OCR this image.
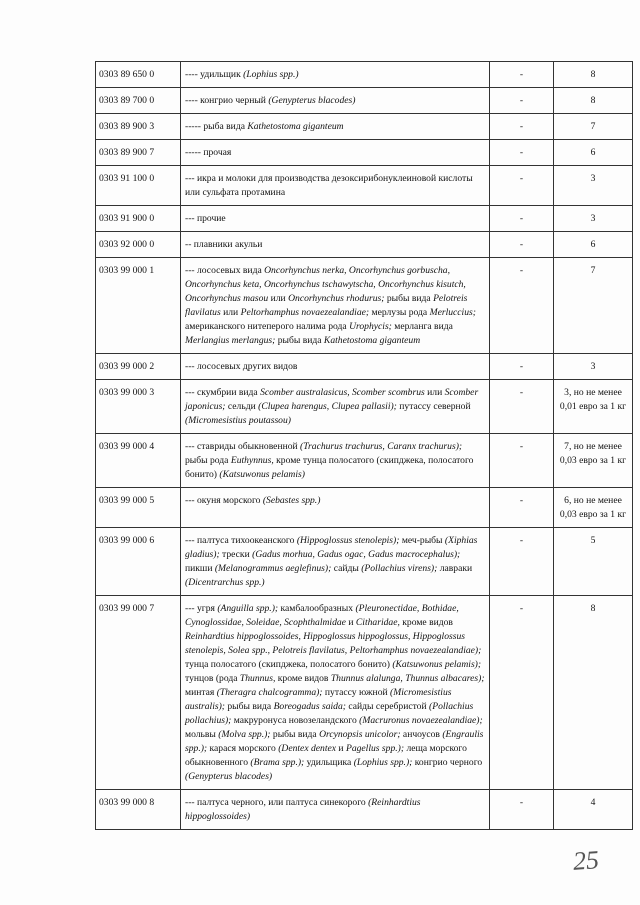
0303 89 650 0	---- удильщик (Lophius spp.)	-	8
0303 89 700 0	---- конгрио черный (Genypterus blacodes)	-	8
0303 89 900 3	----- рыба вида Kathetostoma giganteum	-	7
0303 89 900 7	----- прочая	-	6
0303 91 100 0	--- икра и молоки для производства дезоксирибонуклеиновой кислоты или сульфата протамина	-	3
0303 91 900 0	--- прочие	-	3
0303 92 000 0	-- плавники акульи	-	6
0303 99 000 1	--- лососевых вида Oncorhynchus nerka, Oncorhynchus gorbuscha, Oncorhynchus keta, Oncorhynchus tschawytscha, Oncorhynchus kisutch, Oncorhynchus masou или Oncorhynchus rhodurus; рыбы вида Pelotreis flavilatus или Peltorhamphus novaezealandiae; мерлузы рода Merluccius; американского нитеперого налима рода Urophycis; мерланга вида Merlangius merlangus; рыбы вида Kathetostoma giganteum	-	7
0303 99 000 2	--- лососевых других видов	-	3
0303 99 000 3	--- скумбрии вида Scomber australasicus, Scomber scombrus или Scomber japonicus; сельди (Clupea harengus, Clupea pallasii); путассу северной (Micromesistius poutassou)	-	3, но не менее 0,01 евро за 1 кг
0303 99 000 4	--- ставриды обыкновенной (Trachurus trachurus, Caranx trachurus); рыбы рода Euthynnus, кроме тунца полосатого (скипджека, полосатого бонито) (Katsuwonus pelamis)	-	7, но не менее 0,03 евро за 1 кг
0303 99 000 5	--- окуня морского (Sebastes spp.)	-	6, но не менее 0,03 евро за 1 кг
0303 99 000 6	--- палтуса тихоокеанского (Hippoglossus stenolepis); меч-рыбы (Xiphias gladius); трески (Gadus morhua, Gadus ogac, Gadus macrocephalus); пикши (Melanogrammus aeglefinus); сайды (Pollachius virens); лавраки (Dicentrarchus spp.)	-	5
0303 99 000 7	--- угря (Anguilla spp.); камбалообразных (Pleuronectidae, Bothidae, Cynoglossidae, Soleidae, Scophthalmidae и Citharidae, кроме видов Reinhardtius hippoglossoides, Hippoglossus hippoglossus, Hippoglossus stenolepis, Solea spp., Pelotreis flavilatus, Peltorhamphus novaezealandiae); тунца полосатого (скипджека, полосатого бонито) (Katsuwonus pelamis); тунцов (рода Thunnus, кроме видов Thunnus alalunga, Thunnus albacares); минтая (Theragra chalcogramma); путассу южной (Micromesistius australis); рыбы вида Boreogadus saida; сайды серебристой (Pollachius pollachius); макруронуса новозеландского (Macruronus novaezealandiae); мольвы (Molva spp.); рыбы вида Orcynopsis unicolor; анчоусов (Engraulis spp.); карася морского (Dentex dentex и Pagellus spp.); леща морского обыкновенного (Brama spp.); удильщика (Lophius spp.); конгрио черного (Genypterus blacodes)	-	8
0303 99 000 8	--- палтуса черного, или палтуса синекорого (Reinhardtius hippoglossoides)	-	4
25
